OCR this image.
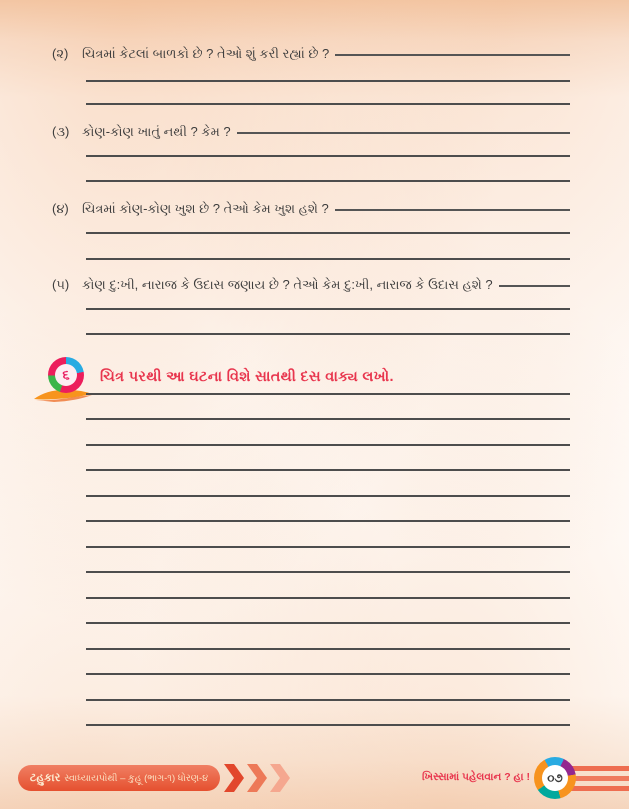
(૨)	ચિત્રમાં કેટલાં બાળકો છે ? તેઓ શું કરી રહ્યાં છે ?
(૩) કોણ-કોણ ખાતું નથી ? કેમ ?
(૪)	ચિત્રમાં કોણ-કોણ ખુશ છે ? તેઓ કેમ ખુશ હશે ?
(૫) કોણ દુ:ખી, નારાજ કે ઉદાસ જણાય છે ? તેઓ કેમ દુ:ખી, નારાજ કે ઉદાસ હશે ?
૬	ચિત્ર પરથી આ ઘટના વિશે સાતથી દસ વાક્ય લખો.
ટહુકાર સ્વાધ્યાયપોથી – કુહૂ (ભાગ-૧) ધોરણ-૪	ખિસ્સામાં પહેલવાન ? હા !	૦૭
